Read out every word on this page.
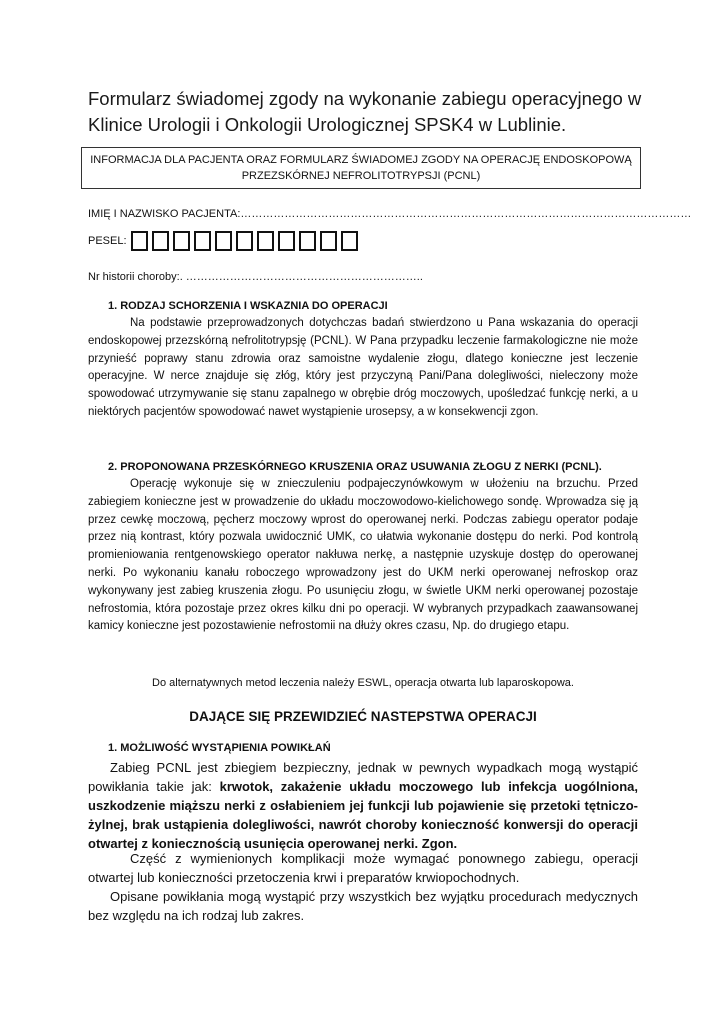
Formularz świadomej zgody na wykonanie zabiegu operacyjnego w
Klinice Urologii i Onkologii Urologicznej SPSK4 w Lublinie.
INFORMACJA DLA PACJENTA ORAZ FORMULARZ ŚWIADOMEJ ZGODY NA OPERACJĘ ENDOSKOPOWĄ
PRZEZSKÓRNEJ NEFROLITOTRYPSJI (PCNL)
IMIĘ I NAZWISKO PACJENTA:……………………………………………………………………………………………………………
PESEL:
Nr historii choroby:. ………………………………………………………..
1. RODZAJ SCHORZENIA I WSKAZNIA DO OPERACJI

Na podstawie przeprowadzonych dotychczas badań stwierdzono u Pana wskazania do operacji endoskopowej przezskórną nefrolitotrypsję (PCNL). W Pana przypadku leczenie farmakologiczne nie może przynieść poprawy stanu zdrowia oraz samoistne wydalenie złogu, dlatego konieczne jest leczenie operacyjne. W nerce znajduje się złóg, który jest przyczyną Pani/Pana dolegliwości, nieleczony może spowodować utrzymywanie się stanu zapalnego w obrębie dróg moczowych, upośledzać funkcję nerki, a u niektórych pacjentów spowodować nawet wystąpienie urosepsy, a w konsekwencji zgon.

2. PROPONOWANA PRZESKÓRNEGO KRUSZENIA ORAZ USUWANIA ZŁOGU Z NERKI (PCNL).

Operację wykonuje się w znieczuleniu podpajeczynówkowym w ułożeniu na brzuchu. Przed zabiegiem konieczne jest w prowadzenie do układu moczowodowo-kielichowego sondę. Wprowadza się ją przez cewkę moczową, pęcherz moczowy wprost do operowanej nerki. Podczas zabiegu operator podaje przez nią kontrast, który pozwala uwidocznić UMK, co ułatwia wykonanie dostępu do nerki. Pod kontrolą promieniowania rentgenowskiego operator nakłuwa nerkę, a następnie uzyskuje dostęp do operowanej nerki. Po wykonaniu kanału roboczego wprowadzony jest do UKM nerki operowanej nefroskop oraz wykonywany jest zabieg kruszenia złogu. Po usunięciu złogu, w świetle UKM nerki operowanej pozostaje nefrostomia, która pozostaje przez okres kilku dni po operacji. W wybranych przypadkach zaawansowanej kamicy konieczne jest pozostawienie nefrostomii na dłuży okres czasu, Np. do drugiego etapu.

Do alternatywnych metod leczenia należy ESWL, operacja otwarta lub laparoskopowa.
DAJĄCE SIĘ PRZEWIDZIEĆ NASTEPSTWA OPERACJI
1. MOŻLIWOŚĆ WYSTĄPIENIA POWIKŁAŃ

Zabieg PCNL jest zbiegiem bezpieczny, jednak w pewnych wypadkach mogą wystąpić powikłania takie jak: krwotok, zakażenie układu moczowego lub infekcja uogólniona, uszkodzenie miąższu nerki z osłabieniem jej funkcji lub pojawienie się przetoki tętniczo-żylnej, brak ustąpienia dolegliwości, nawrót choroby konieczność konwersji do operacji otwartej z koniecznością usunięcia operowanej nerki. Zgon.

Część z wymienionych komplikacji może wymagać ponownego zabiegu, operacji otwartej lub konieczności przetoczenia krwi i preparatów krwiopochodnych.

Opisane powikłania mogą wystąpić przy wszystkich bez wyjątku procedurach medycznych bez względu na ich rodzaj lub zakres.
